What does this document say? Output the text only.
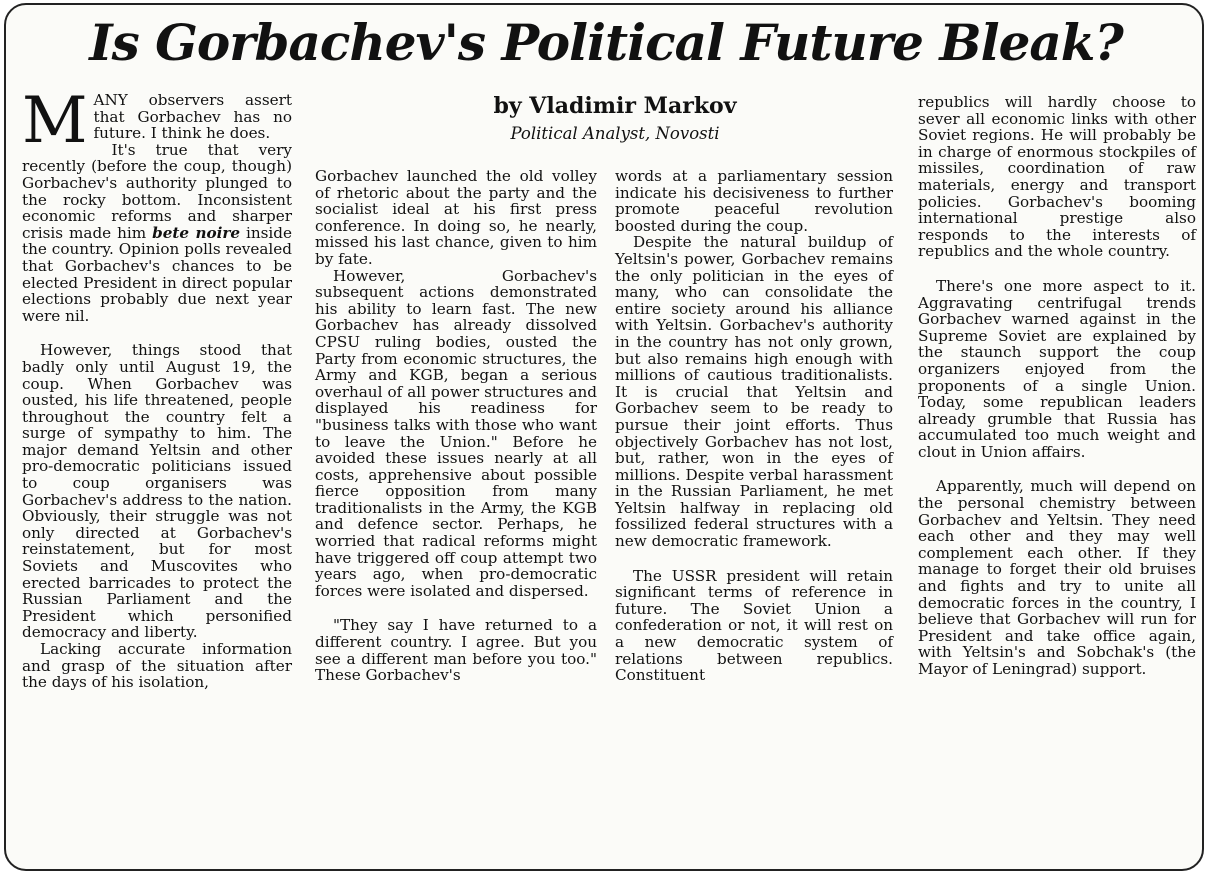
Is Gorbachev's Political Future Bleak?
by Vladimir Markov
Political Analyst, Novosti

MANY observers assert that Gorbachev has no future. I think he does.

It's true that very recently (before the coup, though) Gorbachev's authority plunged to the rocky bottom. Inconsistent economic reforms and sharper crisis made him bete noire inside the country. Opinion polls revealed that Gorbachev's chances to be elected President in direct popular elections probably due next year were nil.

However, things stood that badly only until August 19, the coup. When Gorbachev was ousted, his life threatened, people throughout the country felt a surge of sympathy to him. The major demand Yeltsin and other pro-democratic politicians issued to coup organisers was Gorbachev's address to the nation. Obviously, their struggle was not only directed at Gorbachev's reinstatement, but for most Soviets and Muscovites who erected barricades to protect the Russian Parliament and the President which personified democracy and liberty.

Lacking accurate information and grasp of the situation after the days of his isolation,

Gorbachev launched the old volley of rhetoric about the party and the socialist ideal at his first press conference. In doing so, he nearly, missed his last chance, given to him by fate.

However, Gorbachev's subsequent actions demonstrated his ability to learn fast. The new Gorbachev has already dissolved CPSU ruling bodies, ousted the Party from economic structures, the Army and KGB, began a serious overhaul of all power structures and displayed his readiness for "business talks with those who want to leave the Union." Before he avoided these issues nearly at all costs, apprehensive about possible fierce opposition from many traditionalists in the Army, the KGB and defence sector. Perhaps, he worried that radical reforms might have triggered off coup attempt two years ago, when pro-democratic forces were isolated and dispersed.

"They say I have returned to a different country. I agree. But you see a different man before you too." These Gorbachev's

words at a parliamentary session indicate his decisiveness to further promote peaceful revolution boosted during the coup.

Despite the natural buildup of Yeltsin's power, Gorbachev remains the only politician in the eyes of many, who can consolidate the entire society around his alliance with Yeltsin. Gorbachev's authority in the country has not only grown, but also remains high enough with millions of cautious traditionalists. It is crucial that Yeltsin and Gorbachev seem to be ready to pursue their joint efforts. Thus objectively Gorbachev has not lost, but, rather, won in the eyes of millions. Despite verbal harassment in the Russian Parliament, he met Yeltsin halfway in replacing old fossilized federal structures with a new democratic framework.

The USSR president will retain significant terms of reference in future. The Soviet Union a confederation or not, it will rest on a new democratic system of relations between republics. Constituent

republics will hardly choose to sever all economic links with other Soviet regions. He will probably be in charge of enormous stockpiles of missiles, coordination of raw materials, energy and transport policies. Gorbachev's booming international prestige also responds to the interests of republics and the whole country.

There's one more aspect to it. Aggravating centrifugal trends Gorbachev warned against in the Supreme Soviet are explained by the staunch support the coup organizers enjoyed from the proponents of a single Union. Today, some republican leaders already grumble that Russia has accumulated too much weight and clout in Union affairs.

Apparently, much will depend on the personal chemistry between Gorbachev and Yeltsin. They need each other and they may well complement each other. If they manage to forget their old bruises and fights and try to unite all democratic forces in the country, I believe that Gorbachev will run for President and take office again, with Yeltsin's and Sobchak's (the Mayor of Leningrad) support.
